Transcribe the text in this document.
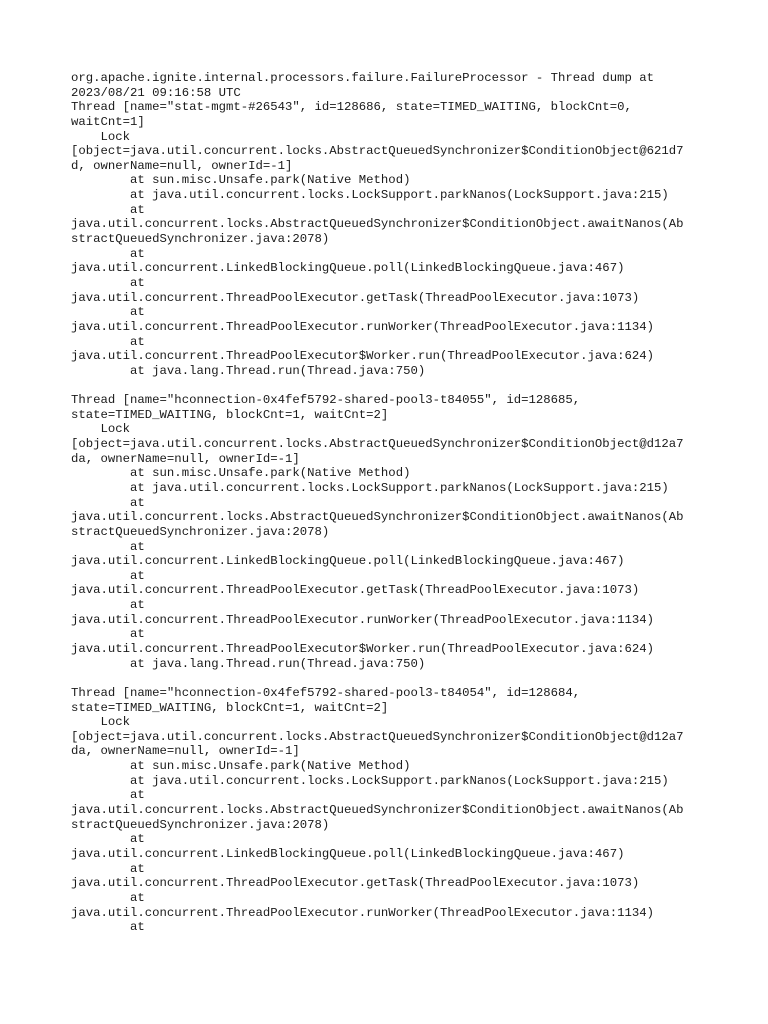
org.apache.ignite.internal.processors.failure.FailureProcessor - Thread dump at
2023/08/21 09:16:58 UTC
Thread [name="stat-mgmt-#26543", id=128686, state=TIMED_WAITING, blockCnt=0,
waitCnt=1]
Lock
[object=java.util.concurrent.locks.AbstractQueuedSynchronizer$ConditionObject@621d7
d, ownerName=null, ownerId=-1]
at sun.misc.Unsafe.park(Native Method)
at java.util.concurrent.locks.LockSupport.parkNanos(LockSupport.java:215)
at
java.util.concurrent.locks.AbstractQueuedSynchronizer$ConditionObject.awaitNanos(Ab
stractQueuedSynchronizer.java:2078)
at
java.util.concurrent.LinkedBlockingQueue.poll(LinkedBlockingQueue.java:467)
at
java.util.concurrent.ThreadPoolExecutor.getTask(ThreadPoolExecutor.java:1073)
at
java.util.concurrent.ThreadPoolExecutor.runWorker(ThreadPoolExecutor.java:1134)
at
java.util.concurrent.ThreadPoolExecutor$Worker.run(ThreadPoolExecutor.java:624)
at java.lang.Thread.run(Thread.java:750)
Thread [name="hconnection-0x4fef5792-shared-pool3-t84055", id=128685,
state=TIMED_WAITING, blockCnt=1, waitCnt=2]
Lock
[object=java.util.concurrent.locks.AbstractQueuedSynchronizer$ConditionObject@d12a7
da, ownerName=null, ownerId=-1]
at sun.misc.Unsafe.park(Native Method)
at java.util.concurrent.locks.LockSupport.parkNanos(LockSupport.java:215)
at
java.util.concurrent.locks.AbstractQueuedSynchronizer$ConditionObject.awaitNanos(Ab
stractQueuedSynchronizer.java:2078)
at
java.util.concurrent.LinkedBlockingQueue.poll(LinkedBlockingQueue.java:467)
at
java.util.concurrent.ThreadPoolExecutor.getTask(ThreadPoolExecutor.java:1073)
at
java.util.concurrent.ThreadPoolExecutor.runWorker(ThreadPoolExecutor.java:1134)
at
java.util.concurrent.ThreadPoolExecutor$Worker.run(ThreadPoolExecutor.java:624)
at java.lang.Thread.run(Thread.java:750)
Thread [name="hconnection-0x4fef5792-shared-pool3-t84054", id=128684,
state=TIMED_WAITING, blockCnt=1, waitCnt=2]
Lock
[object=java.util.concurrent.locks.AbstractQueuedSynchronizer$ConditionObject@d12a7
da, ownerName=null, ownerId=-1]
at sun.misc.Unsafe.park(Native Method)
at java.util.concurrent.locks.LockSupport.parkNanos(LockSupport.java:215)
at
java.util.concurrent.locks.AbstractQueuedSynchronizer$ConditionObject.awaitNanos(Ab
stractQueuedSynchronizer.java:2078)
at
java.util.concurrent.LinkedBlockingQueue.poll(LinkedBlockingQueue.java:467)
at
java.util.concurrent.ThreadPoolExecutor.getTask(ThreadPoolExecutor.java:1073)
at
java.util.concurrent.ThreadPoolExecutor.runWorker(ThreadPoolExecutor.java:1134)
at
